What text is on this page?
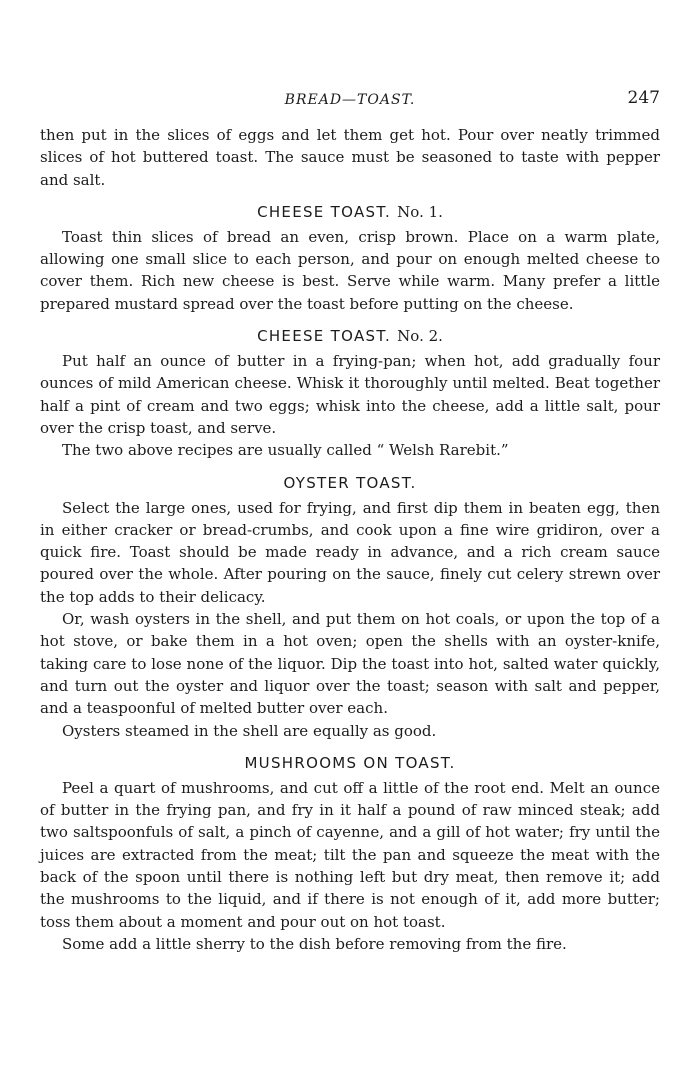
BREAD—TOAST.	247

then put in the slices of eggs and let them get hot. Pour over neatly trimmed slices of hot buttered toast. The sauce must be seasoned to taste with pepper and salt.

CHEESE TOAST. No. 1.

Toast thin slices of bread an even, crisp brown. Place on a warm plate, allowing one small slice to each person, and pour on enough melted cheese to cover them. Rich new cheese is best. Serve while warm. Many prefer a little prepared mustard spread over the toast before putting on the cheese.

CHEESE TOAST. No. 2.

Put half an ounce of butter in a frying-pan; when hot, add gradually four ounces of mild American cheese. Whisk it thoroughly until melted. Beat together half a pint of cream and two eggs; whisk into the cheese, add a little salt, pour over the crisp toast, and serve.

The two above recipes are usually called “ Welsh Rarebit.”

OYSTER TOAST.

Select the large ones, used for frying, and first dip them in beaten egg, then in either cracker or bread-crumbs, and cook upon a fine wire gridiron, over a quick fire. Toast should be made ready in advance, and a rich cream sauce poured over the whole. After pouring on the sauce, finely cut celery strewn over the top adds to their delicacy.

Or, wash oysters in the shell, and put them on hot coals, or upon the top of a hot stove, or bake them in a hot oven; open the shells with an oyster-knife, taking care to lose none of the liquor. Dip the toast into hot, salted water quickly, and turn out the oyster and liquor over the toast; season with salt and pepper, and a teaspoonful of melted butter over each.

Oysters steamed in the shell are equally as good.

MUSHROOMS ON TOAST.

Peel a quart of mushrooms, and cut off a little of the root end. Melt an ounce of butter in the frying pan, and fry in it half a pound of raw minced steak; add two saltspoonfuls of salt, a pinch of cayenne, and a gill of hot water; fry until the juices are extracted from the meat; tilt the pan and squeeze the meat with the back of the spoon until there is nothing left but dry meat, then remove it; add the mushrooms to the liquid, and if there is not enough of it, add more butter; toss them about a moment and pour out on hot toast.

Some add a little sherry to the dish before removing from the fire.
